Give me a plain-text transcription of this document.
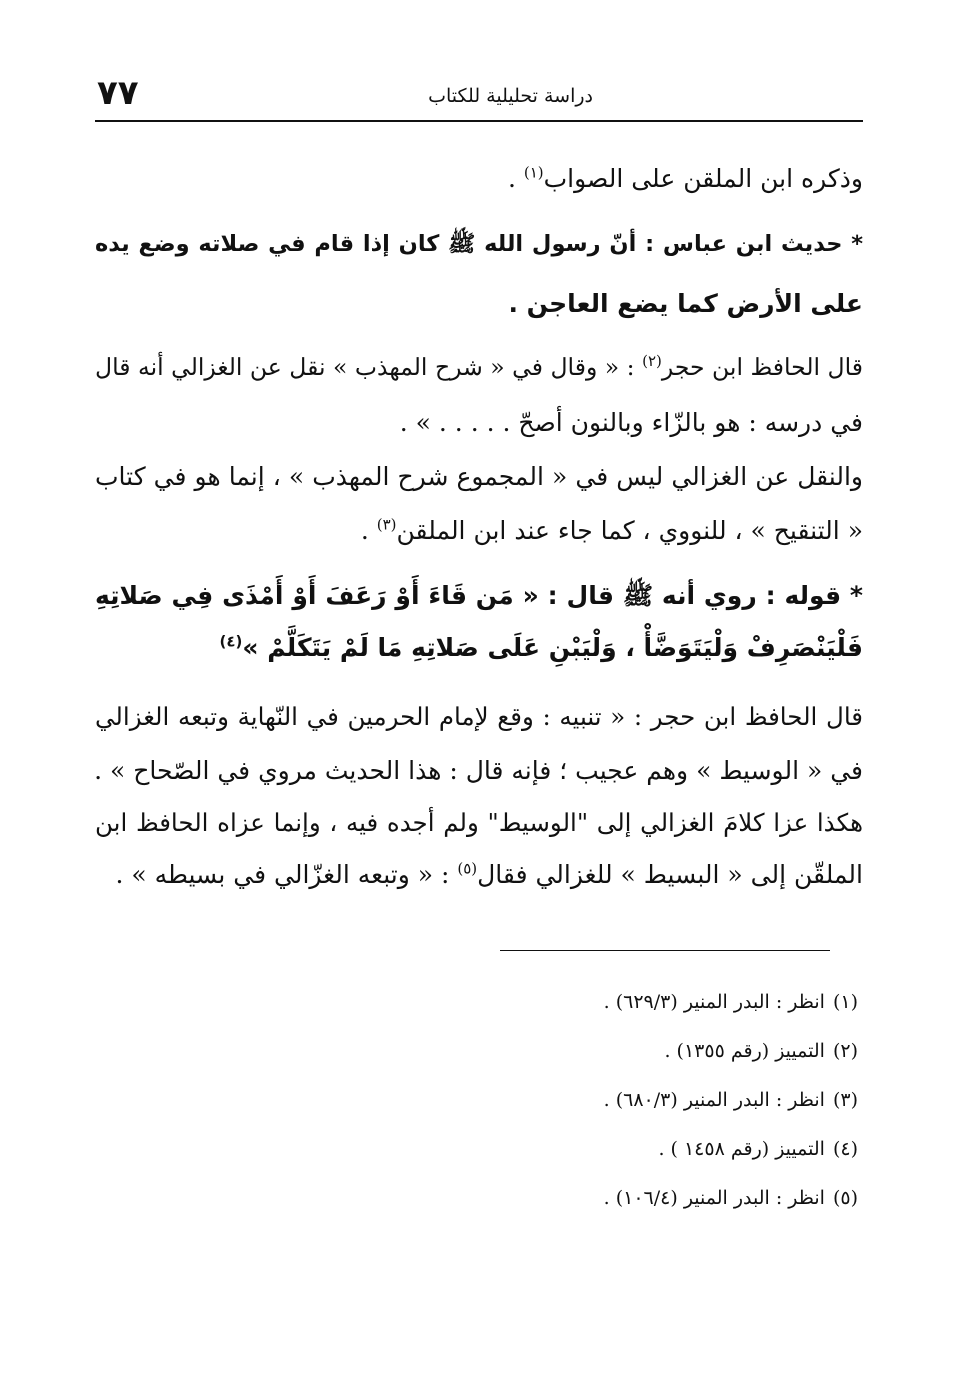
٧٧	دراسة تحليلية للكتاب
وذكره ابن الملقن على الصواب$^{(١)}$ .
* حديث ابن عباس : أنّ رسول الله ﷺ كان إذا قام في صلاته وضع يده
على الأرض كما يضع العاجن .
قال الحافظ ابن حجر$^{(٢)}$ : « وقال في « شرح المهذب » نقل عن الغزالي أنه قال
في درسه : هو بالزّاء وبالنون أصحّ . . . . . » .
والنقل عن الغزالي ليس في « المجموع شرح المهذب » ، إنما هو في كتاب
« التنقيح » ، للنووي ، كما جاء عند ابن الملقن$^{(٣)}$ .
* قوله : روي أنه ﷺ قال : « مَن قَاءَ أَوْ رَعَفَ أَوْ أَمْذَى فِي صَلاتِهِ
فَلْيَنْصَرِفْ وَلْيَتَوَضَّأْ ، وَلْيَبْنِ عَلَى صَلاتِهِ مَا لَمْ يَتَكَلَّمْ »$^{(٤)}$
قال الحافظ ابن حجر : « تنبيه : وقع لإمام الحرمين في النّهاية وتبعه الغزالي
في « الوسيط » وهم عجيب ؛ فإنه قال : هذا الحديث مروي في الصّحاح » .
هكذا عزا كلامَ الغزالي إلى "الوسيط" ولم أجده فيه ، وإنما عزاه الحافظ ابن
الملقّن إلى « البسيط » للغزالي فقال$^{(٥)}$ : « وتبعه الغزّالي في بسيطه » .
(١)انظر : البدر المنير (٦٢٩/٣) .
(٢)التمييز (رقم ١٣٥٥) .
(٣)انظر : البدر المنير (٦٨٠/٣) .
(٤)التمييز (رقم ١٤٥٨ ) .
(٥)انظر : البدر المنير (١٠٦/٤) .
